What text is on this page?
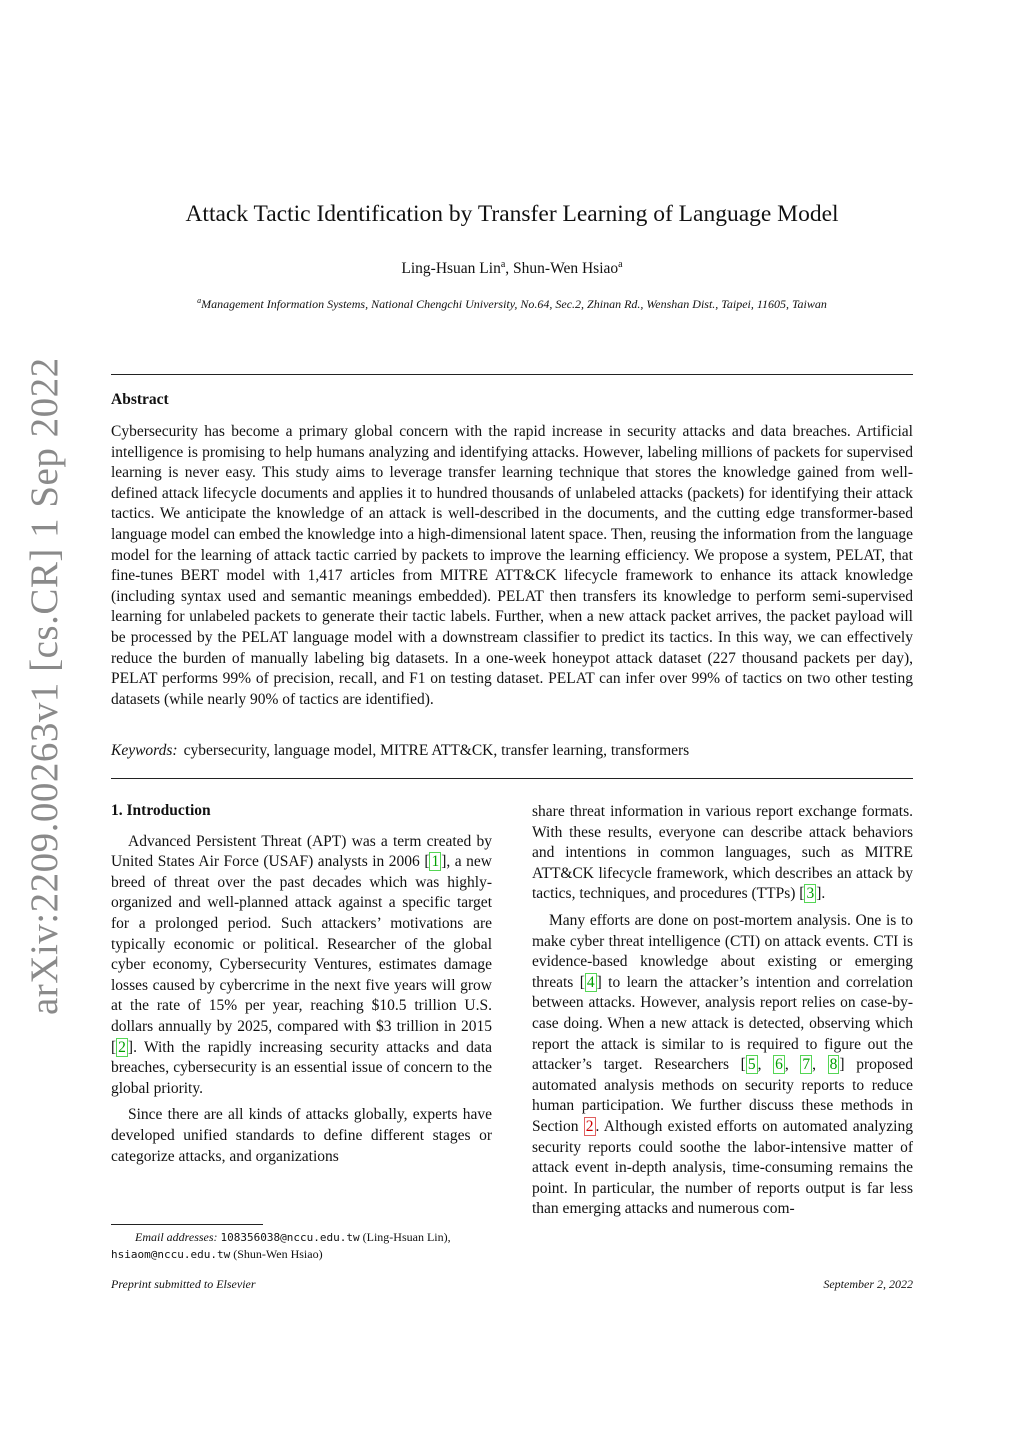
arXiv:2209.00263v1 [cs.CR] 1 Sep 2022
Attack Tactic Identification by Transfer Learning of Language Model
Ling-Hsuan Lin$^a$, Shun-Wen Hsiao$^a$
$^a$Management Information Systems, National Chengchi University, No.64, Sec.2, Zhinan Rd., Wenshan Dist., Taipei, 11605, Taiwan
Abstract
Cybersecurity has become a primary global concern with the rapid increase in security attacks and data breaches. Artificial intelligence is promising to help humans analyzing and identifying attacks. However, labeling millions of packets for supervised learning is never easy. This study aims to leverage transfer learning technique that stores the knowledge gained from well-defined attack lifecycle documents and applies it to hundred thousands of unlabeled attacks (packets) for identifying their attack tactics. We anticipate the knowledge of an attack is well-described in the documents, and the cutting edge transformer-based language model can embed the knowledge into a high-dimensional latent space. Then, reusing the information from the language model for the learning of attack tactic carried by packets to improve the learning efficiency. We propose a system, PELAT, that fine-tunes BERT model with 1,417 articles from MITRE ATT&CK lifecycle framework to enhance its attack knowledge (including syntax used and semantic meanings embedded). PELAT then transfers its knowledge to perform semi-supervised learning for unlabeled packets to generate their tactic labels. Further, when a new attack packet arrives, the packet payload will be processed by the PELAT language model with a downstream classifier to predict its tactics. In this way, we can effectively reduce the burden of manually labeling big datasets. In a one-week honeypot attack dataset (227 thousand packets per day), PELAT performs 99% of precision, recall, and F1 on testing dataset. PELAT can infer over 99% of tactics on two other testing datasets (while nearly 90% of tactics are identified).
Keywords: cybersecurity, language model, MITRE ATT&CK, transfer learning, transformers
1. Introduction

Advanced Persistent Threat (APT) was a term created by United States Air Force (USAF) analysts in 2006 [ 1 ], a new breed of threat over the past decades which was highly-organized and well-planned attack against a specific target for a prolonged period. Such attackers’ motivations are typically economic or political. Researcher of the global cyber economy, Cybersecurity Ventures, estimates damage losses caused by cybercrime in the next five years will grow at the rate of 15% per year, reaching $10.5 trillion U.S. dollars annually by 2025, compared with $3 trillion in 2015 [ 2 ]. With the rapidly increasing security attacks and data breaches, cybersecurity is an essential issue of concern to the global priority.

Since there are all kinds of attacks globally, experts have developed unified standards to define different stages or categorize attacks, and organizations

share threat information in various report exchange formats. With these results, everyone can describe attack behaviors and intentions in common languages, such as MITRE ATT&CK lifecycle framework, which describes an attack by tactics, techniques, and procedures (TTPs) [ 3 ].

Many efforts are done on post-mortem analysis. One is to make cyber threat intelligence (CTI) on attack events. CTI is evidence-based knowledge about existing or emerging threats [ 4 ] to learn the attacker’s intention and correlation between attacks. However, analysis report relies on case-by-case doing. When a new attack is detected, observing which report the attack is similar to is required to figure out the attacker’s target. Researchers [ 5 , 6 , 7 , 8 ] proposed automated analysis methods on security reports to reduce human participation. We further discuss these methods in Section 2 . Although existed efforts on automated analyzing security reports could soothe the labor-intensive matter of attack event in-depth analysis, time-consuming remains the point. In particular, the number of reports output is far less than emerging attacks and numerous com-

Email addresses: 108356038@nccu.edu.tw (Ling-Hsuan Lin),
hsiaom@nccu.edu.tw (Shun-Wen Hsiao)
Preprint submitted to Elsevier	September 2, 2022
